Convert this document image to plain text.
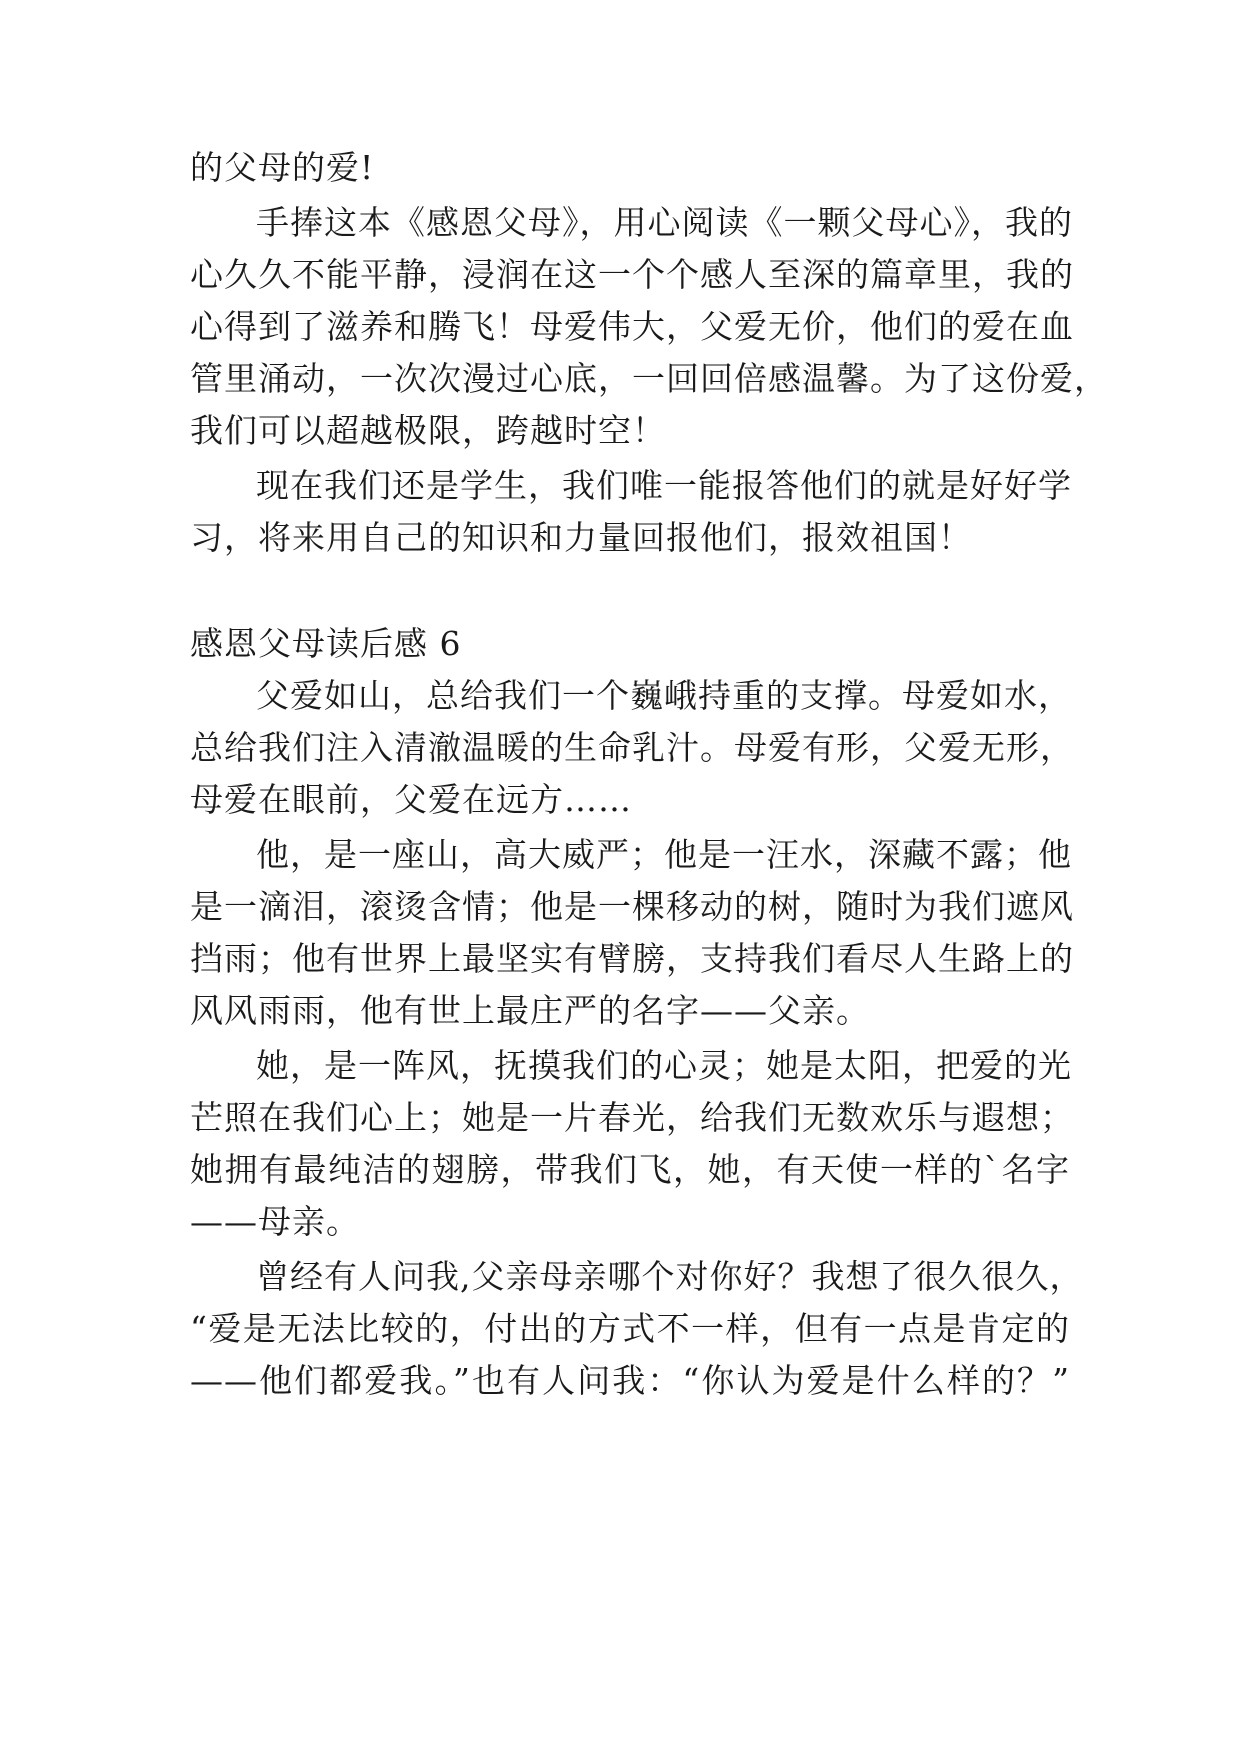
的父母的爱!
手捧这本《感恩父母》，用心阅读《一颗父母心》，我的
心久久不能平静，浸润在这一个个感人至深的篇章里，我的
心得到了滋养和腾飞！母爱伟大，父爱无价，他们的爱在血
管里涌动，一次次漫过心底，一回回倍感温馨。为了这份爱，
我们可以超越极限，跨越时空！
现在我们还是学生，我们唯一能报答他们的就是好好学
习，将来用自己的知识和力量回报他们，报效祖国！
感恩父母读后感 6
父爱如山，总给我们一个巍峨持重的支撑。母爱如水，
总给我们注入清澈温暖的生命乳汁。母爱有形，父爱无形，
母爱在眼前，父爱在远方……
他，是一座山，高大威严；他是一汪水，深藏不露；他
是一滴泪，滚烫含情；他是一棵移动的树，随时为我们遮风
挡雨；他有世界上最坚实有臂膀，支持我们看尽人生路上的
风风雨雨，他有世上最庄严的名字——父亲。
她，是一阵风，抚摸我们的心灵；她是太阳，把爱的光
芒照在我们心上；她是一片春光，给我们无数欢乐与遐想；
她拥有最纯洁的翅膀，带我们飞，她，有天使一样的`名字
——母亲。
曾经有人问我,父亲母亲哪个对你好？我想了很久很久，
“爱是无法比较的，付出的方式不一样，但有一点是肯定的
——他们都爱我。”也有人问我：“你认为爱是什么样的？”
